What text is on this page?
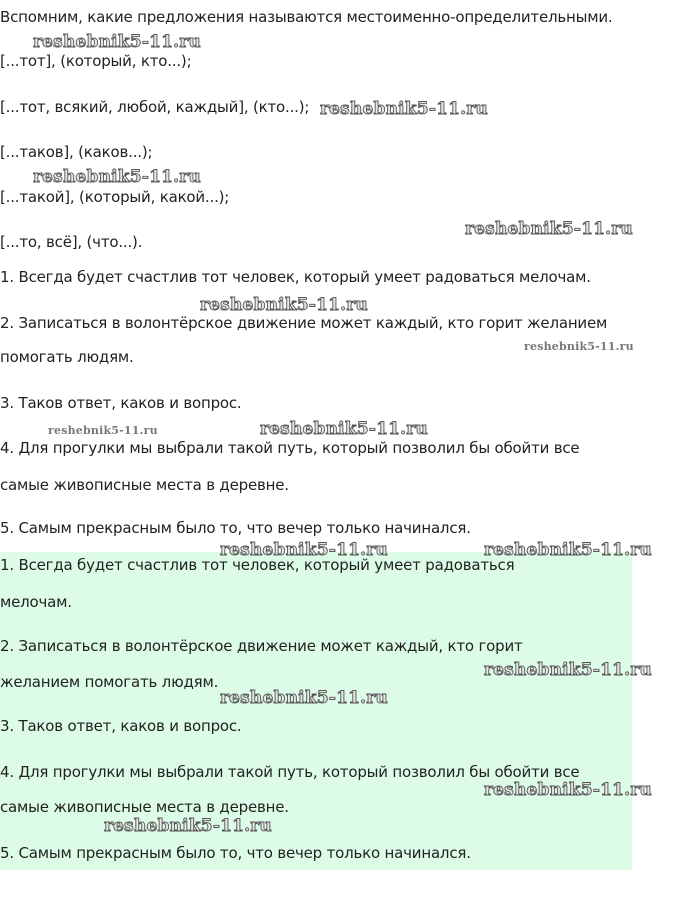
Вспомним, какие предложения называются местоименно-определительными.
[...тот], (который, кто...);
[...тот, всякий, любой, каждый], (кто...);
[...таков], (каков...);
[...такой], (который, какой...);
[...то, всё], (что...).
1. Всегда будет счастлив тот человек, который умеет радоваться мелочам.
2. Записаться в волонтёрское движение может каждый, кто горит желанием
помогать людям.
3. Таков ответ, каков и вопрос.
4. Для прогулки мы выбрали такой путь, который позволил бы обойти все
самые живописные места в деревне.
5. Самым прекрасным было то, что вечер только начинался.
1. Всегда будет счастлив тот человек, который умеет радоваться
мелочам.
2. Записаться в волонтёрское движение может каждый, кто горит
желанием помогать людям.
3. Таков ответ, каков и вопрос.
4. Для прогулки мы выбрали такой путь, который позволил бы обойти все
самые живописные места в деревне.
5. Самым прекрасным было то, что вечер только начинался.
reshebnik5-11.ru
reshebnik5-11.ru
reshebnik5-11.ru
reshebnik5-11.ru
reshebnik5-11.ru
reshebnik5-11.ru
reshebnik5-11.ru	reshebnik5-11.ru
reshebnik5-11.ru	reshebnik5-11.ru
reshebnik5-11.ru
reshebnik5-11.ru
reshebnik5-11.ru
reshebnik5-11.ru
